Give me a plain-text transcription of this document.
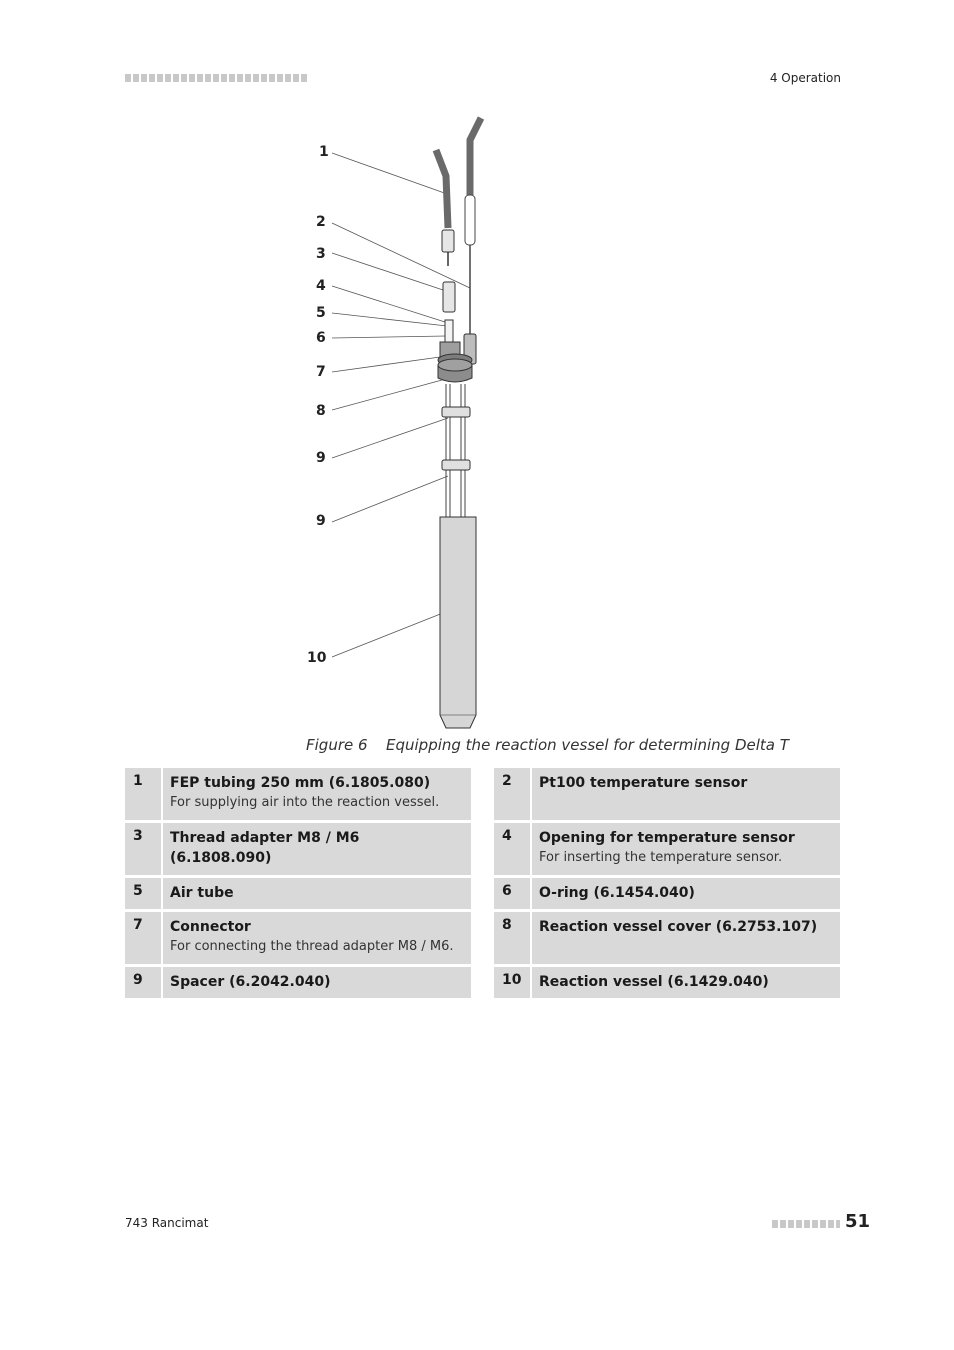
4 Operation
1
2
3
4
5
6
7
8
9
9
10
Figure 6 Equipping the reaction vessel for determining Delta T
1	FEP tubing 250 mm (6.1805.080)
For supplying air into the reaction vessel.
3	Thread adapter M8 / M6 (6.1808.090)
5	Air tube
7	Connector
For connecting the thread adapter M8 / M6.
9	Spacer (6.2042.040)
2	Pt100 temperature sensor
4	Opening for temperature sensor
For inserting the temperature sensor.
6	O-ring (6.1454.040)
8	Reaction vessel cover (6.2753.107)
10	Reaction vessel (6.1429.040)
743 Rancimat	51
